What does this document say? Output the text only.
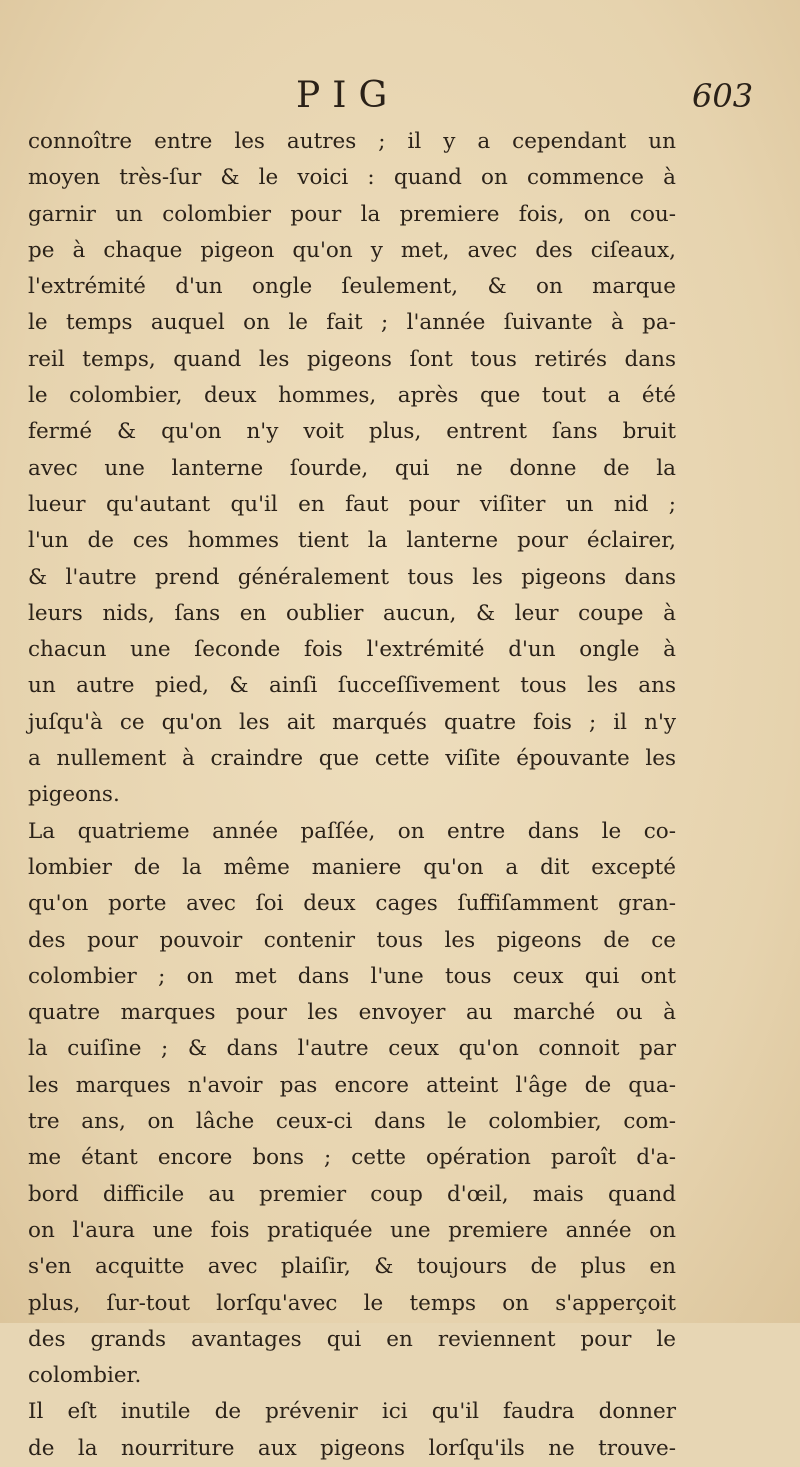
PIG	603
connoître entre les autres ; il y a cependant un
moyen très-ſur & le voici : quand on commence à
garnir un colombier pour la premiere fois, on cou-
pe à chaque pigeon qu'on y met, avec des ciſeaux,
l'extrémité d'un ongle ſeulement, & on marque
le temps auquel on le fait ; l'année ſuivante à pa-
reil temps, quand les pigeons ſont tous retirés dans
le colombier, deux hommes, après que tout a été
fermé & qu'on n'y voit plus, entrent ſans bruit
avec une lanterne ſourde, qui ne donne de la
lueur qu'autant qu'il en faut pour viſiter un nid ;
l'un de ces hommes tient la lanterne pour éclairer,
& l'autre prend généralement tous les pigeons dans
leurs nids, ſans en oublier aucun, & leur coupe à
chacun une ſeconde fois l'extrémité d'un ongle à
un autre pied, & ainſi ſucceſſivement tous les ans
juſqu'à ce qu'on les ait marqués quatre fois ; il n'y
a nullement à craindre que cette viſite épouvante les
pigeons.
La quatrieme année paſſée, on entre dans le co-
lombier de la même maniere qu'on a dit excepté
qu'on porte avec ſoi deux cages ſuffiſamment gran-
des pour pouvoir contenir tous les pigeons de ce
colombier ; on met dans l'une tous ceux qui ont
quatre marques pour les envoyer au marché ou à
la cuiſine ; & dans l'autre ceux qu'on connoit par
les marques n'avoir pas encore atteint l'âge de qua-
tre ans, on lâche ceux-ci dans le colombier, com-
me étant encore bons ; cette opération paroît d'a-
bord difficile au premier coup d'œil, mais quand
on l'aura une fois pratiquée une premiere année on
s'en acquitte avec plaiſir, & toujours de plus en
plus, ſur-tout lorſqu'avec le temps on s'apperçoit
des grands avantages qui en reviennent pour le
colombier.
Il eſt inutile de prévenir ici qu'il faudra donner
de la nourriture aux pigeons lorſqu'ils ne trouve-
